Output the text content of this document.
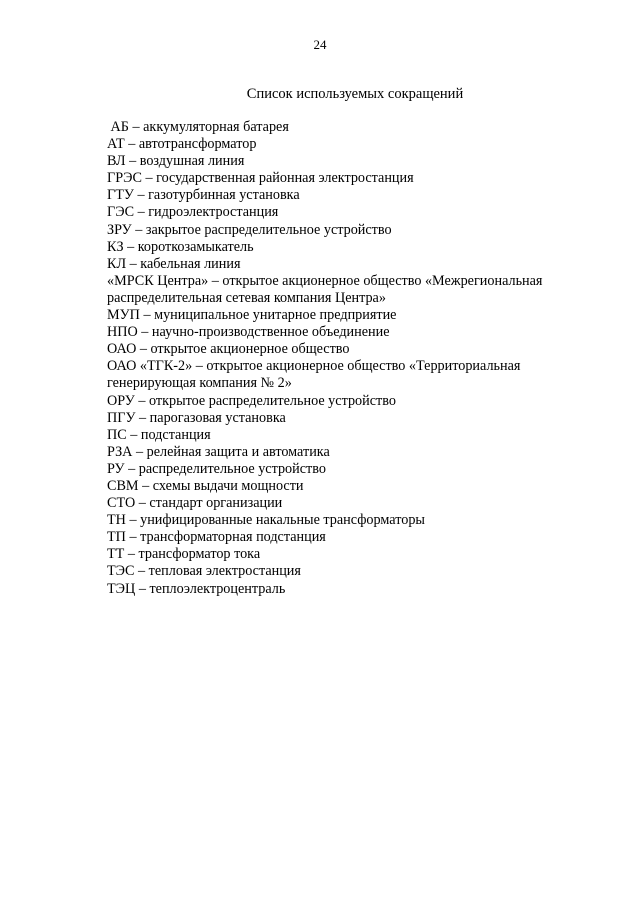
24
Список используемых сокращений
АБ – аккумуляторная батарея
АТ – автотрансформатор
ВЛ – воздушная линия
ГРЭС – государственная районная электростанция
ГТУ – газотурбинная установка
ГЭС – гидроэлектростанция
ЗРУ – закрытое распределительное устройство
КЗ – короткозамыкатель
КЛ – кабельная линия
«МРСК Центра» – открытое акционерное общество «Межрегиональная
распределительная сетевая компания Центра»
МУП – муниципальное унитарное предприятие
НПО – научно-производственное объединение
ОАО – открытое акционерное общество
ОАО «ТГК-2» – открытое акционерное общество «Территориальная
генерирующая компания № 2»
ОРУ – открытое распределительное устройство
ПГУ – парогазовая установка
ПС – подстанция
РЗА – релейная защита и автоматика
РУ – распределительное устройство
СВМ – схемы выдачи мощности
СТО – стандарт организации
ТН – унифицированные накальные трансформаторы
ТП – трансформаторная подстанция
ТТ – трансформатор тока
ТЭС – тепловая электростанция
ТЭЦ – теплоэлектроцентраль
